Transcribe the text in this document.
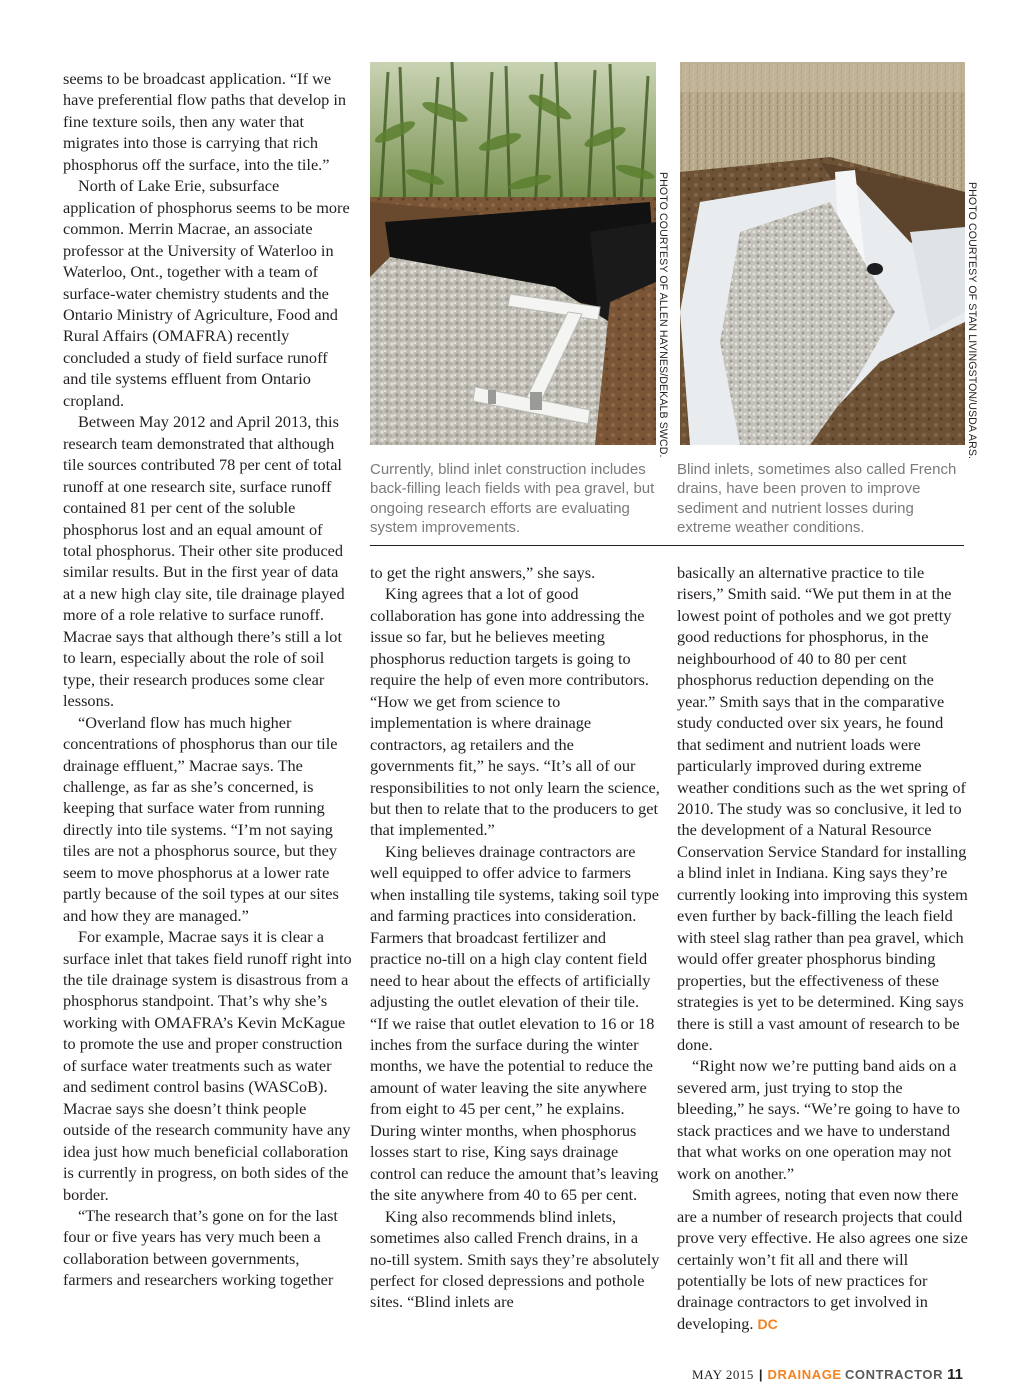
seems to be broadcast application. “If we have preferential flow paths that develop in fine texture soils, then any water that migrates into those is carrying that rich phosphorus off the surface, into the tile.”

North of Lake Erie, subsurface application of phosphorus seems to be more common. Merrin Macrae, an associate professor at the University of Waterloo in Waterloo, Ont., together with a team of surface-water chemistry students and the Ontario Ministry of Agriculture, Food and Rural Affairs (OMAFRA) recently concluded a study of field surface runoff and tile systems effluent from Ontario cropland.

Between May 2012 and April 2013, this research team demonstrated that although tile sources contributed 78 per cent of total runoff at one research site, surface runoff contained 81 per cent of the soluble phosphorus lost and an equal amount of total phosphorus. Their other site produced similar results. But in the first year of data at a new high clay site, tile drainage played more of a role relative to surface runoff. Macrae says that although there’s still a lot to learn, especially about the role of soil type, their research produces some clear lessons.

“Overland flow has much higher concentrations of phosphorus than our tile drainage effluent,” Macrae says. The challenge, as far as she’s concerned, is keeping that surface water from running directly into tile systems. “I’m not saying tiles are not a phosphorus source, but they seem to move phosphorus at a lower rate partly because of the soil types at our sites and how they are managed.”

For example, Macrae says it is clear a surface inlet that takes field runoff right into the tile drainage system is disastrous from a phosphorus standpoint. That’s why she’s working with OMAFRA’s Kevin McKague to promote the use and proper construction of surface water treatments such as water and sediment control basins (WASCoB). Macrae says she doesn’t think people outside of the research community have any idea just how much beneficial collaboration is currently in progress, on both sides of the border.

“The research that’s gone on for the last four or five years has very much been a collaboration between governments, farmers and researchers working together

PHOTO COURTESY OF ALLEN HAYNES/DEKALB SWCD.	PHOTO COURTESY OF STAN LIVINGSTON/USDA ARS.
Currently, blind inlet construction includes back-filling leach fields with pea gravel, but ongoing research efforts are evaluating system improvements.
Blind inlets, sometimes also called French drains, have been proven to improve sediment and nutrient losses during extreme weather conditions.

to get the right answers,” she says.

King agrees that a lot of good collaboration has gone into addressing the issue so far, but he believes meeting phosphorus reduction targets is going to require the help of even more contributors. “How we get from science to implementation is where drainage contractors, ag retailers and the governments fit,” he says. “It’s all of our responsibilities to not only learn the science, but then to relate that to the producers to get that implemented.”

King believes drainage contractors are well equipped to offer advice to farmers when installing tile systems, taking soil type and farming practices into consideration. Farmers that broadcast fertilizer and practice no-till on a high clay content field need to hear about the effects of artificially adjusting the outlet elevation of their tile. “If we raise that outlet elevation to 16 or 18 inches from the surface during the winter months, we have the potential to reduce the amount of water leaving the site anywhere from eight to 45 per cent,” he explains. During winter months, when phosphorus losses start to rise, King says drainage control can reduce the amount that’s leaving the site anywhere from 40 to 65 per cent.

King also recommends blind inlets, sometimes also called French drains, in a no-till system. Smith says they’re absolutely perfect for closed depressions and pothole sites. “Blind inlets are

basically an alternative practice to tile risers,” Smith said. “We put them in at the lowest point of potholes and we got pretty good reductions for phosphorus, in the neighbourhood of 40 to 80 per cent phosphorus reduction depending on the year.” Smith says that in the comparative study conducted over six years, he found that sediment and nutrient loads were particularly improved during extreme weather conditions such as the wet spring of 2010. The study was so conclusive, it led to the development of a Natural Resource Conservation Service Standard for installing a blind inlet in Indiana. King says they’re currently looking into improving this system even further by back-filling the leach field with steel slag rather than pea gravel, which would offer greater phosphorus binding properties, but the effectiveness of these strategies is yet to be determined. King says there is still a vast amount of research to be done.

“Right now we’re putting band aids on a severed arm, just trying to stop the bleeding,” he says. “We’re going to have to stack practices and we have to understand that what works on one operation may not work on another.”

Smith agrees, noting that even now there are a number of research projects that could prove very effective. He also agrees one size certainly won’t fit all and there will potentially be lots of new practices for drainage contractors to get involved in developing. DC

MAY 2015 | DRAINAGE CONTRACTOR 11
